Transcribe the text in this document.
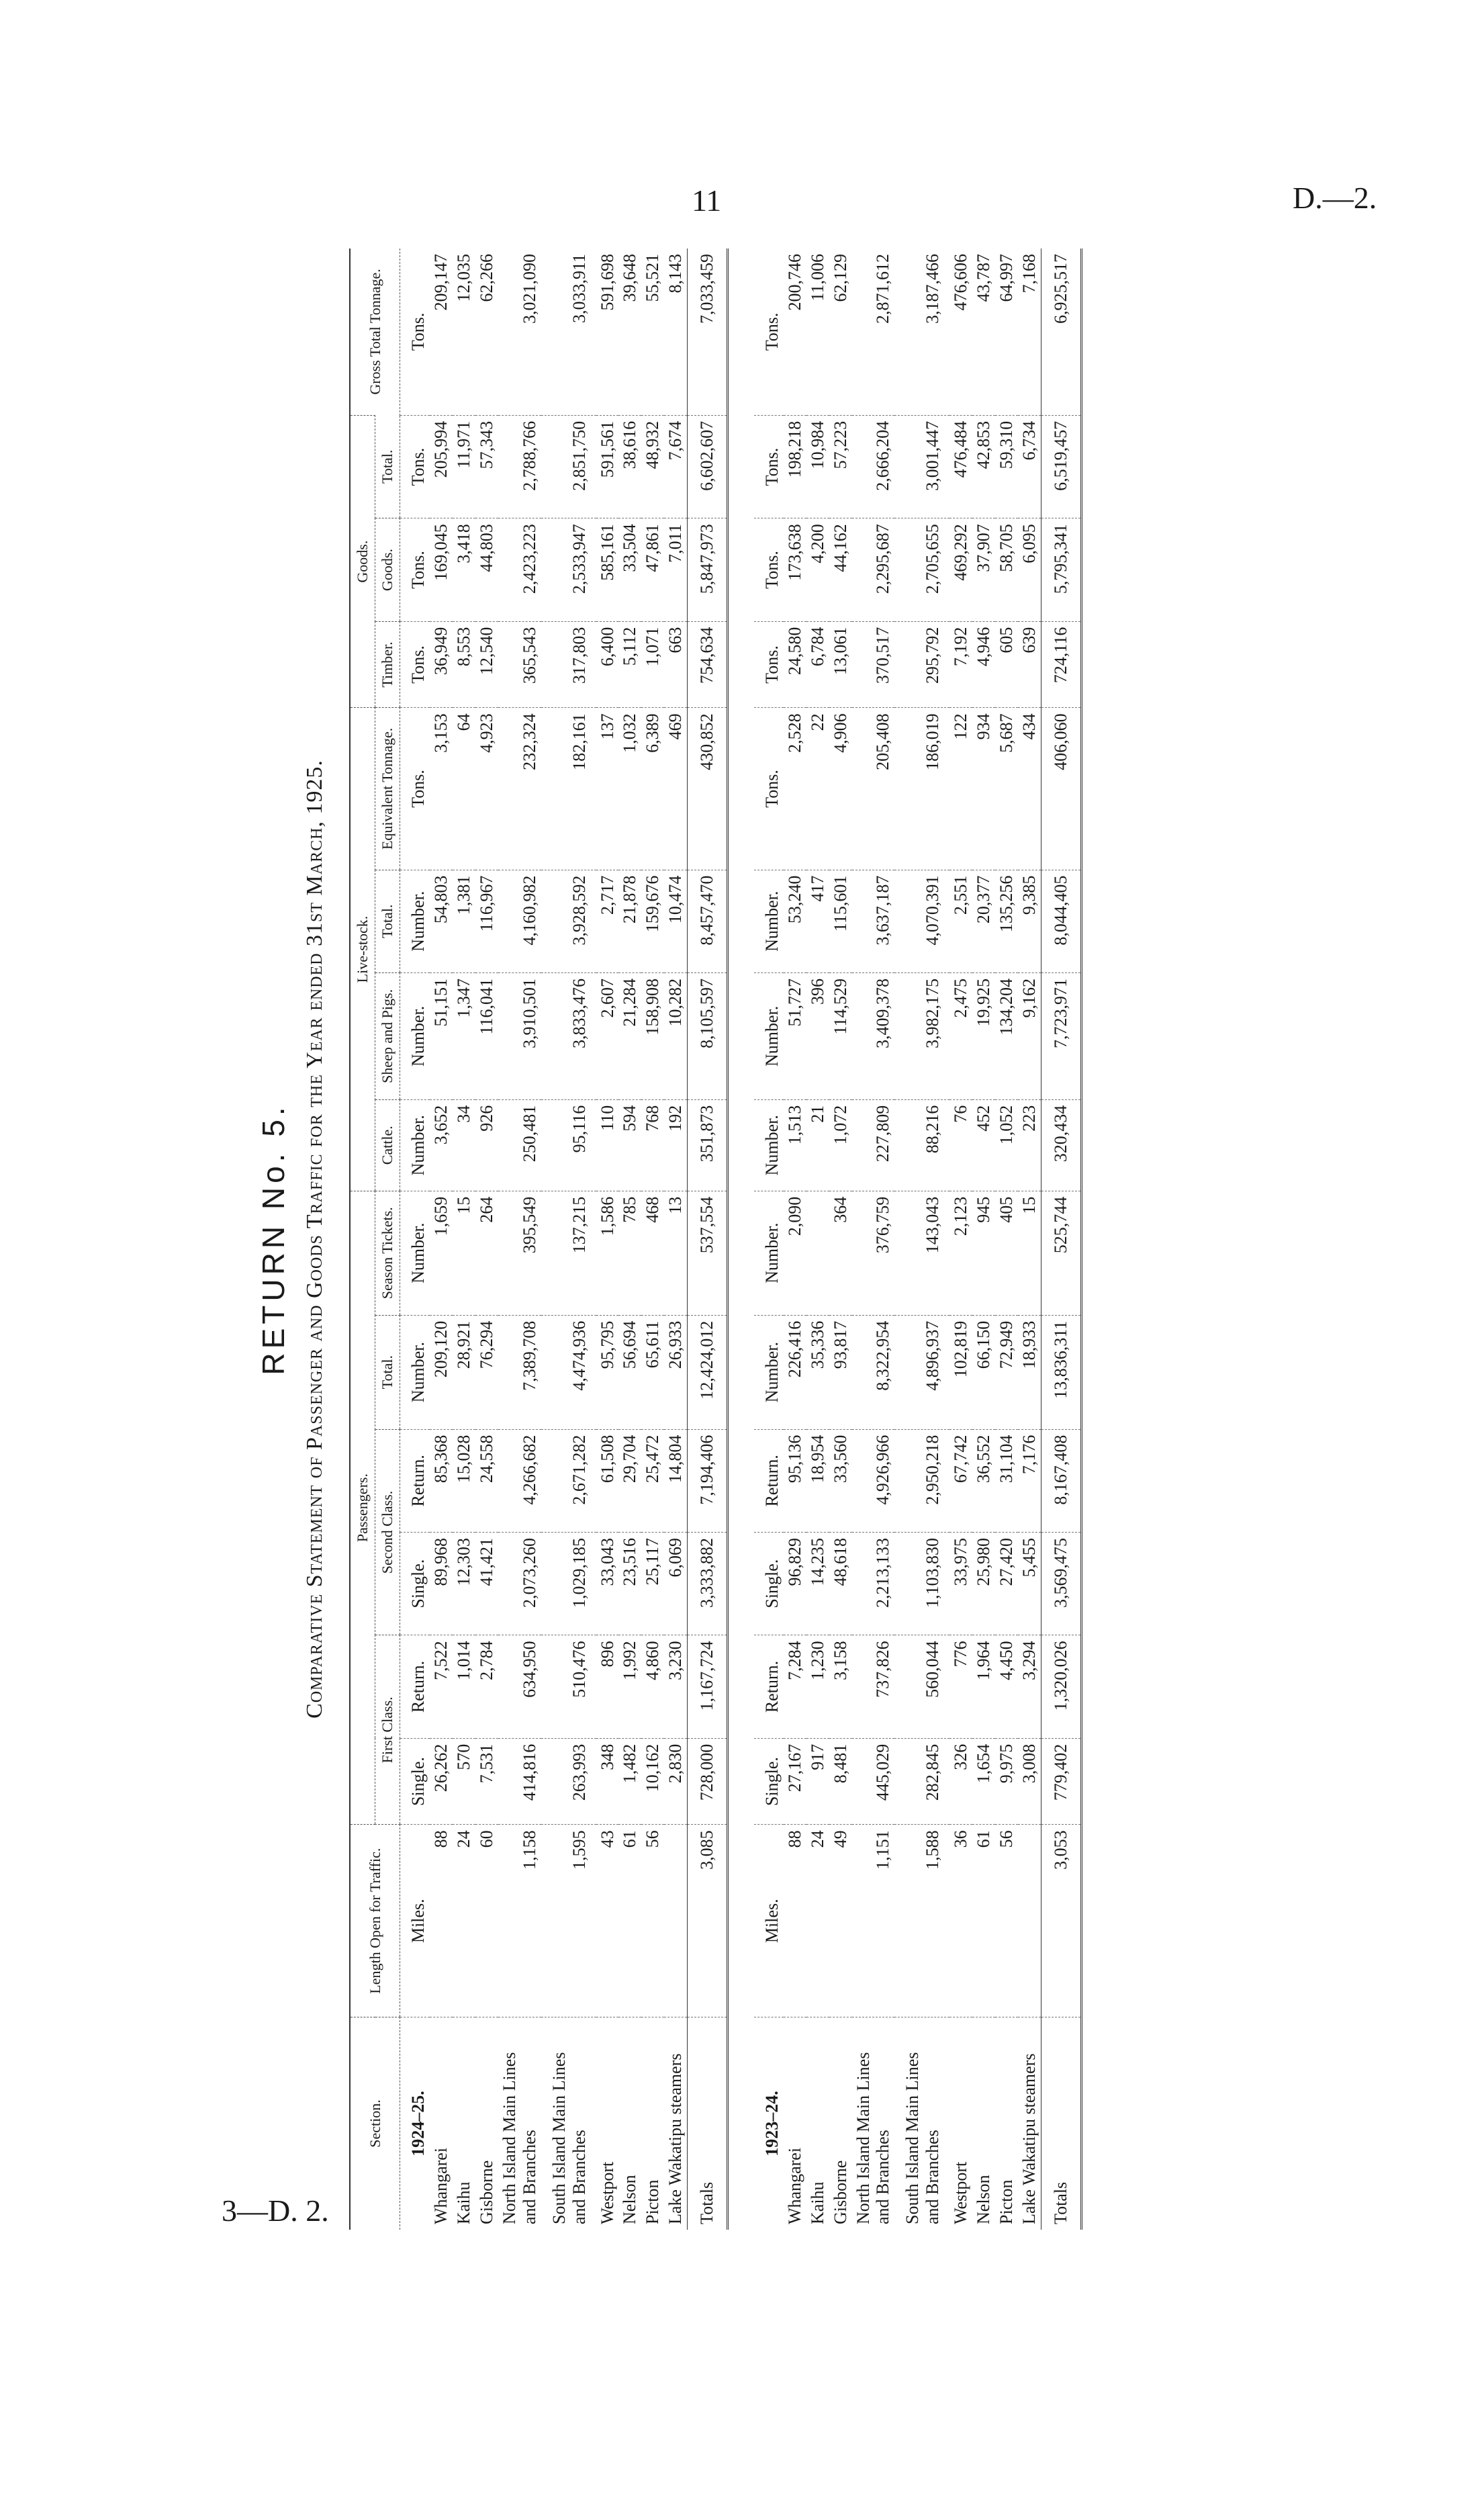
11	D.—2.
3—D. 2.
RETURN No. 5. Comparative Statement of Passenger and Goods Traffic for the Year ended 31st March, 1925.
Section.	Length Open for Traffic.	Passengers.						Live-stock.				Goods.			Gross Total Tonnage.
		First Class.		Second Class.		Total.	Season Tickets.	Cattle.	Sheep and Pigs.	Total.	Equivalent Tonnage.	Timber.	Goods.	Total.	
1924–25.	Miles.	Single.	Return.	Single.	Return.	Number.	Number.	Number.	Number.	Number.	Tons.	Tons.	Tons.	Tons.	Tons.
Whangarei	88	26,262	7,522	89,968	85,368	209,120	1,659	3,652	51,151	54,803	3,153	36,949	169,045	205,994	209,147
Kaihu	24	570	1,014	12,303	15,028	28,921	15	34	1,347	1,381	64	8,553	3,418	11,971	12,035
Gisborne	60	7,531	2,784	41,421	24,558	76,294	264	926	116,041	116,967	4,923	12,540	44,803	57,343	62,266
North Island Main Lines and Branches	1,158	414,816	634,950	2,073,260	4,266,682	7,389,708	395,549	250,481	3,910,501	4,160,982	232,324	365,543	2,423,223	2,788,766	3,021,090
South Island Main Lines and Branches	1,595	263,993	510,476	1,029,185	2,671,282	4,474,936	137,215	95,116	3,833,476	3,928,592	182,161	317,803	2,533,947	2,851,750	3,033,911
Westport	43	348	896	33,043	61,508	95,795	1,586	110	2,607	2,717	137	6,400	585,161	591,561	591,698
Nelson	61	1,482	1,992	23,516	29,704	56,694	785	594	21,284	21,878	1,032	5,112	33,504	38,616	39,648
Picton	56	10,162	4,860	25,117	25,472	65,611	468	768	158,908	159,676	6,389	1,071	47,861	48,932	55,521
Lake Wakatipu steamers		2,830	3,230	6,069	14,804	26,933	13	192	10,282	10,474	469	663	7,011	7,674	8,143
Totals	3,085	728,000	1,167,724	3,333,882	7,194,406	12,424,012	537,554	351,873	8,105,597	8,457,470	430,852	754,634	5,847,973	6,602,607	7,033,459

1923–24.	Miles.	Single.	Return.	Single.	Return.	Number.	Number.	Number.	Number.	Number.	Tons.	Tons.	Tons.	Tons.	Tons.
Whangarei	88	27,167	7,284	96,829	95,136	226,416	2,090	1,513	51,727	53,240	2,528	24,580	173,638	198,218	200,746
Kaihu	24	917	1,230	14,235	18,954	35,336		21	396	417	22	6,784	4,200	10,984	11,006
Gisborne	49	8,481	3,158	48,618	33,560	93,817	364	1,072	114,529	115,601	4,906	13,061	44,162	57,223	62,129
North Island Main Lines and Branches	1,151	445,029	737,826	2,213,133	4,926,966	8,322,954	376,759	227,809	3,409,378	3,637,187	205,408	370,517	2,295,687	2,666,204	2,871,612
South Island Main Lines and Branches	1,588	282,845	560,044	1,103,830	2,950,218	4,896,937	143,043	88,216	3,982,175	4,070,391	186,019	295,792	2,705,655	3,001,447	3,187,466
Westport	36	326	776	33,975	67,742	102,819	2,123	76	2,475	2,551	122	7,192	469,292	476,484	476,606
Nelson	61	1,654	1,964	25,980	36,552	66,150	945	452	19,925	20,377	934	4,946	37,907	42,853	43,787
Picton	56	9,975	4,450	27,420	31,104	72,949	405	1,052	134,204	135,256	5,687	605	58,705	59,310	64,997
Lake Wakatipu steamers		3,008	3,294	5,455	7,176	18,933	15	223	9,162	9,385	434	639	6,095	6,734	7,168
Totals	3,053	779,402	1,320,026	3,569,475	8,167,408	13,836,311	525,744	320,434	7,723,971	8,044,405	406,060	724,116	5,795,341	6,519,457	6,925,517
